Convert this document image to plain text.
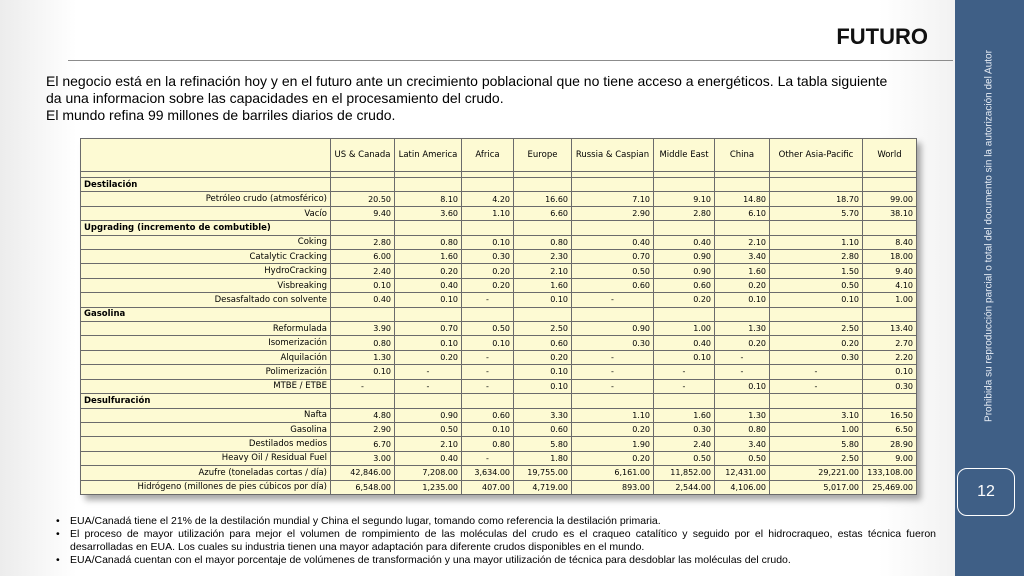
FUTURO
El negocio está en la refinación hoy y en el futuro ante un crecimiento poblacional que no tiene acceso a energéticos. La tabla siguiente
da una informacion sobre las capacidades en el procesamiento del crudo.
El mundo refina 99 millones de barriles diarios de crudo.	Prohibida su reproducción parcial o total del documento sin la autorización del Autor
12
	US & Canada	Latin America	Africa	Europe	Russia & Caspian	Middle East	China	Other Asia-Pacific	World

Destilación									
Petróleo crudo (atmosférico)	20.50	8.10	4.20	16.60	7.10	9.10	14.80	18.70	99.00
Vacío	9.40	3.60	1.10	6.60	2.90	2.80	6.10	5.70	38.10
Upgrading (incremento de combutible)									
Coking	2.80	0.80	0.10	0.80	0.40	0.40	2.10	1.10	8.40
Catalytic Cracking	6.00	1.60	0.30	2.30	0.70	0.90	3.40	2.80	18.00
HydroCracking	2.40	0.20	0.20	2.10	0.50	0.90	1.60	1.50	9.40
Visbreaking	0.10	0.40	0.20	1.60	0.60	0.60	0.20	0.50	4.10
Desasfaltado con solvente	0.40	0.10	-	0.10	-	0.20	0.10	0.10	1.00
Gasolina									
Reformulada	3.90	0.70	0.50	2.50	0.90	1.00	1.30	2.50	13.40
Isomerización	0.80	0.10	0.10	0.60	0.30	0.40	0.20	0.20	2.70
Alquilación	1.30	0.20	-	0.20	-	0.10	-	0.30	2.20
Polimerización	0.10	-	-	0.10	-	-	-	-	0.10
MTBE / ETBE	-	-	-	0.10	-	-	0.10	-	0.30
Desulfuración									
Nafta	4.80	0.90	0.60	3.30	1.10	1.60	1.30	3.10	16.50
Gasolina	2.90	0.50	0.10	0.60	0.20	0.30	0.80	1.00	6.50
Destilados medios	6.70	2.10	0.80	5.80	1.90	2.40	3.40	5.80	28.90
Heavy Oil / Residual Fuel	3.00	0.40	-	1.80	0.20	0.50	0.50	2.50	9.00
Azufre (toneladas cortas / día)	42,846.00	7,208.00	3,634.00	19,755.00	6,161.00	11,852.00	12,431.00	29,221.00	133,108.00
Hidrógeno (millones de pies cúbicos por día)	6,548.00	1,235.00	407.00	4,719.00	893.00	2,544.00	4,106.00	5,017.00	25,469.00
• EUA/Canadá tiene el 21% de la destilación mundial y China el segundo lugar, tomando como referencia la destilación primaria.
• El proceso de mayor utilización para mejor el volumen de rompimiento de las moléculas del crudo es el craqueo catalítico y seguido por el hidrocraqueo, estas técnica fueron desarrolladas en EUA. Los cuales su industria tienen una mayor adaptación para diferente crudos disponibles en el mundo.
• EUA/Canadá cuentan con el mayor porcentaje de volúmenes de transformación y una mayor utilización de técnica para desdoblar las moléculas del crudo.
